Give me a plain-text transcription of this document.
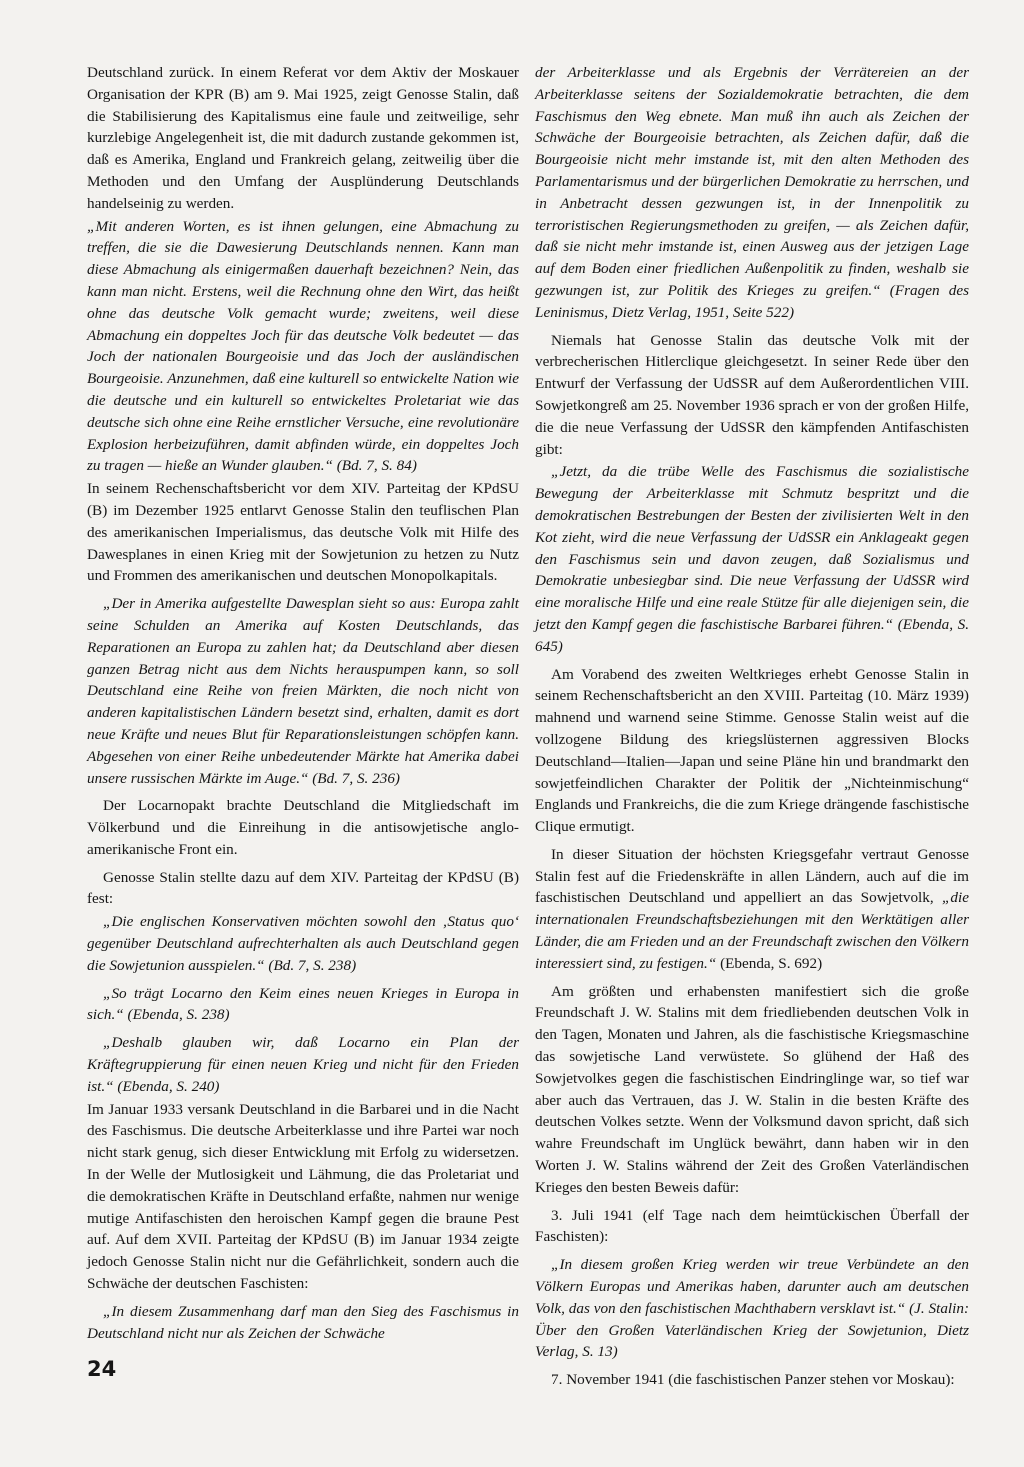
Deutschland zurück. In einem Referat vor dem Aktiv der Moskauer Organisation der KPR (B) am 9. Mai 1925, zeigt Genosse Stalin, daß die Stabilisierung des Kapitalismus eine faule und zeitweilige, sehr kurzlebige Angelegenheit ist, die mit dadurch zustande gekommen ist, daß es Amerika, England und Frankreich gelang, zeitweilig über die Methoden und den Umfang der Ausplünderung Deutschlands handelseinig zu werden.

„Mit anderen Worten, es ist ihnen gelungen, eine Abmachung zu treffen, die sie die Dawesierung Deutschlands nennen. Kann man diese Abmachung als einigermaßen dauerhaft bezeichnen? Nein, das kann man nicht. Erstens, weil die Rechnung ohne den Wirt, das heißt ohne das deutsche Volk gemacht wurde; zweitens, weil diese Abmachung ein doppeltes Joch für das deutsche Volk bedeutet — das Joch der nationalen Bourgeoisie und das Joch der ausländischen Bourgeoisie. Anzunehmen, daß eine kulturell so entwickelte Nation wie die deutsche und ein kulturell so entwickeltes Proletariat wie das deutsche sich ohne eine Reihe ernstlicher Versuche, eine revolutionäre Explosion herbeizuführen, damit abfinden würde, ein doppeltes Joch zu tragen — hieße an Wunder glauben.“ (Bd. 7, S. 84)

In seinem Rechenschaftsbericht vor dem XIV. Parteitag der KPdSU (B) im Dezember 1925 entlarvt Genosse Stalin den teuflischen Plan des amerikanischen Imperialismus, das deutsche Volk mit Hilfe des Dawesplanes in einen Krieg mit der Sowjetunion zu hetzen zu Nutz und Frommen des amerikanischen und deutschen Monopolkapitals.

„Der in Amerika aufgestellte Dawesplan sieht so aus: Europa zahlt seine Schulden an Amerika auf Kosten Deutschlands, das Reparationen an Europa zu zahlen hat; da Deutschland aber diesen ganzen Betrag nicht aus dem Nichts herauspumpen kann, so soll Deutschland eine Reihe von freien Märkten, die noch nicht von anderen kapitalistischen Ländern besetzt sind, erhalten, damit es dort neue Kräfte und neues Blut für Reparationsleistungen schöpfen kann. Abgesehen von einer Reihe unbedeutender Märkte hat Amerika dabei unsere russischen Märkte im Auge.“ (Bd. 7, S. 236)

Der Locarnopakt brachte Deutschland die Mitgliedschaft im Völkerbund und die Einreihung in die antisowjetische anglo-amerikanische Front ein.

Genosse Stalin stellte dazu auf dem XIV. Parteitag der KPdSU (B) fest:

„Die englischen Konservativen möchten sowohl den ‚Status quo‘ gegenüber Deutschland aufrechterhalten als auch Deutschland gegen die Sowjetunion ausspielen.“ (Bd. 7, S. 238)

„So trägt Locarno den Keim eines neuen Krieges in Europa in sich.“ (Ebenda, S. 238)

„Deshalb glauben wir, daß Locarno ein Plan der Kräftegruppierung für einen neuen Krieg und nicht für den Frieden ist.“ (Ebenda, S. 240)

Im Januar 1933 versank Deutschland in die Barbarei und in die Nacht des Faschismus. Die deutsche Arbeiterklasse und ihre Partei war noch nicht stark genug, sich dieser Entwicklung mit Erfolg zu widersetzen. In der Welle der Mutlosigkeit und Lähmung, die das Proletariat und die demokratischen Kräfte in Deutschland erfaßte, nahmen nur wenige mutige Antifaschisten den heroischen Kampf gegen die braune Pest auf. Auf dem XVII. Parteitag der KPdSU (B) im Januar 1934 zeigte jedoch Genosse Stalin nicht nur die Gefährlichkeit, sondern auch die Schwäche der deutschen Faschisten:

„In diesem Zusammenhang darf man den Sieg des Faschismus in Deutschland nicht nur als Zeichen der Schwäche

der Arbeiterklasse und als Ergebnis der Verrätereien an der Arbeiterklasse seitens der Sozialdemokratie betrachten, die dem Faschismus den Weg ebnete. Man muß ihn auch als Zeichen der Schwäche der Bourgeoisie betrachten, als Zeichen dafür, daß die Bourgeoisie nicht mehr imstande ist, mit den alten Methoden des Parlamentarismus und der bürgerlichen Demokratie zu herrschen, und in Anbetracht dessen gezwungen ist, in der Innenpolitik zu terroristischen Regierungsmethoden zu greifen, — als Zeichen dafür, daß sie nicht mehr imstande ist, einen Ausweg aus der jetzigen Lage auf dem Boden einer friedlichen Außenpolitik zu finden, weshalb sie gezwungen ist, zur Politik des Krieges zu greifen.“ (Fragen des Leninismus, Dietz Verlag, 1951, Seite 522)

Niemals hat Genosse Stalin das deutsche Volk mit der verbrecherischen Hitlerclique gleichgesetzt. In seiner Rede über den Entwurf der Verfassung der UdSSR auf dem Außerordentlichen VIII. Sowjetkongreß am 25. November 1936 sprach er von der großen Hilfe, die die neue Verfassung der UdSSR den kämpfenden Antifaschisten gibt:

„Jetzt, da die trübe Welle des Faschismus die sozialistische Bewegung der Arbeiterklasse mit Schmutz bespritzt und die demokratischen Bestrebungen der Besten der zivilisierten Welt in den Kot zieht, wird die neue Verfassung der UdSSR ein Anklageakt gegen den Faschismus sein und davon zeugen, daß Sozialismus und Demokratie unbesiegbar sind. Die neue Verfassung der UdSSR wird eine moralische Hilfe und eine reale Stütze für alle diejenigen sein, die jetzt den Kampf gegen die faschistische Barbarei führen.“ (Ebenda, S. 645)

Am Vorabend des zweiten Weltkrieges erhebt Genosse Stalin in seinem Rechenschaftsbericht an den XVIII. Parteitag (10. März 1939) mahnend und warnend seine Stimme. Genosse Stalin weist auf die vollzogene Bildung des kriegslüsternen aggressiven Blocks Deutschland—Italien—Japan und seine Pläne hin und brandmarkt den sowjetfeindlichen Charakter der Politik der „Nichteinmischung“ Englands und Frankreichs, die die zum Kriege drängende faschistische Clique ermutigt.

In dieser Situation der höchsten Kriegsgefahr vertraut Genosse Stalin fest auf die Friedenskräfte in allen Ländern, auch auf die im faschistischen Deutschland und appelliert an das Sowjetvolk, „die internationalen Freundschaftsbeziehungen mit den Werktätigen aller Länder, die am Frieden und an der Freundschaft zwischen den Völkern interessiert sind, zu festigen.“ (Ebenda, S. 692)

Am größten und erhabensten manifestiert sich die große Freundschaft J. W. Stalins mit dem friedliebenden deutschen Volk in den Tagen, Monaten und Jahren, als die faschistische Kriegsmaschine das sowjetische Land verwüstete. So glühend der Haß des Sowjetvolkes gegen die faschistischen Eindringlinge war, so tief war aber auch das Vertrauen, das J. W. Stalin in die besten Kräfte des deutschen Volkes setzte. Wenn der Volksmund davon spricht, daß sich wahre Freundschaft im Unglück bewährt, dann haben wir in den Worten J. W. Stalins während der Zeit des Großen Vaterländischen Krieges den besten Beweis dafür:

3. Juli 1941 (elf Tage nach dem heimtückischen Überfall der Faschisten):

„In diesem großen Krieg werden wir treue Verbündete an den Völkern Europas und Amerikas haben, darunter auch am deutschen Volk, das von den faschistischen Machthabern versklavt ist.“ (J. Stalin: Über den Großen Vaterländischen Krieg der Sowjetunion, Dietz Verlag, S. 13)

7. November 1941 (die faschistischen Panzer stehen vor Moskau):

24
